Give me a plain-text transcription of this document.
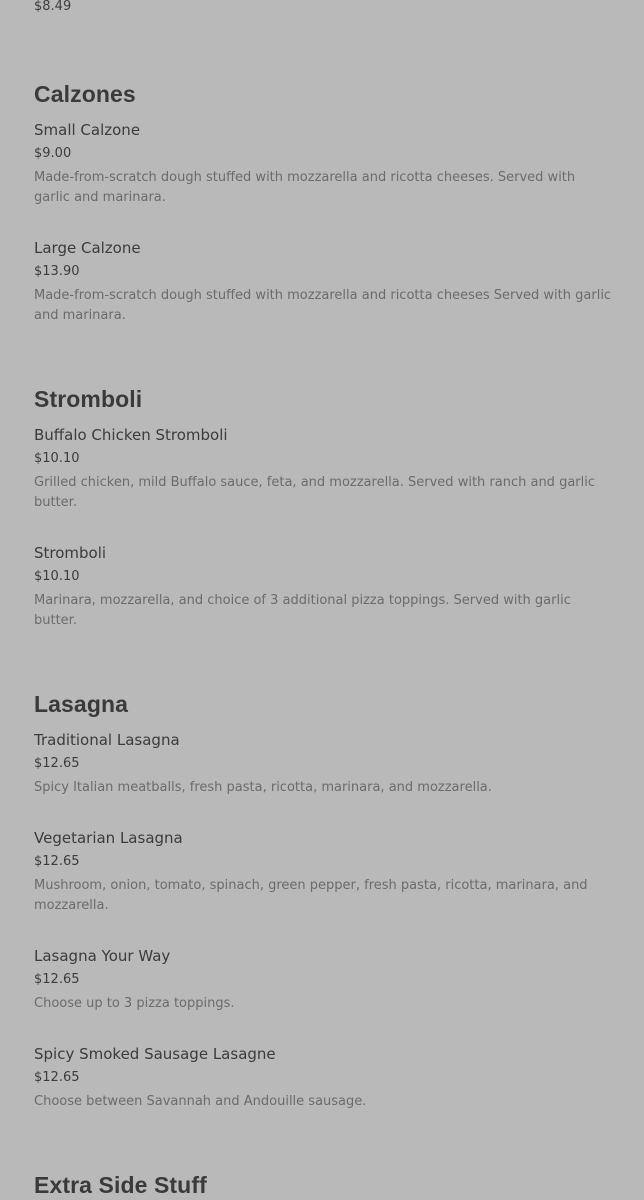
$8.49

Calzones

Small Calzone

$9.00

Made-from-scratch dough stuffed with mozzarella and ricotta cheeses. Served with garlic and marinara.

Large Calzone

$13.90

Made-from-scratch dough stuffed with mozzarella and ricotta cheeses Served with garlic and marinara.

Stromboli

Buffalo Chicken Stromboli

$10.10

Grilled chicken, mild Buffalo sauce, feta, and mozzarella. Served with ranch and garlic butter.

Stromboli

$10.10

Marinara, mozzarella, and choice of 3 additional pizza toppings. Served with garlic butter.

Lasagna

Traditional Lasagna

$12.65

Spicy Italian meatballs, fresh pasta, ricotta, marinara, and mozzarella.

Vegetarian Lasagna

$12.65

Mushroom, onion, tomato, spinach, green pepper, fresh pasta, ricotta, marinara, and mozzarella.

Lasagna Your Way

$12.65

Choose up to 3 pizza toppings.

Spicy Smoked Sausage Lasagne

$12.65

Choose between Savannah and Andouille sausage.

Extra Side Stuff
